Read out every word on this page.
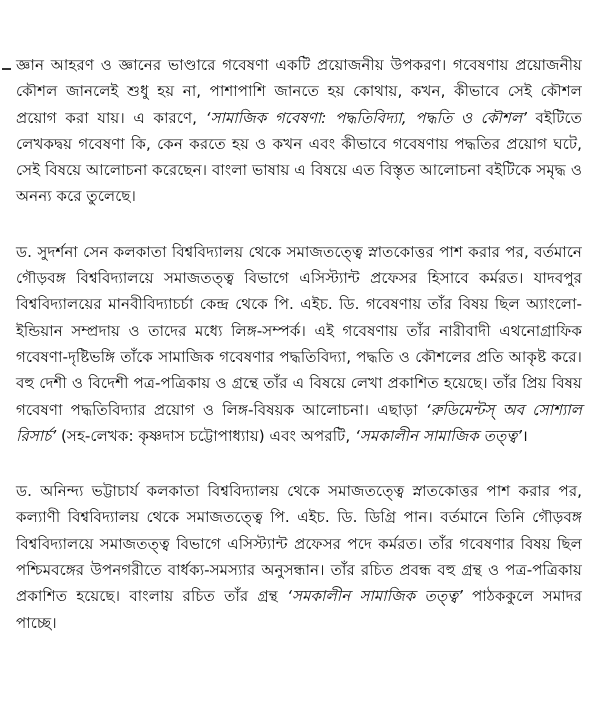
জ্ঞান আহরণ ও জ্ঞানের ভাণ্ডারে গবেষণা একটি প্রয়োজনীয় উপকরণ। গবেষণায় প্রয়োজনীয় কৌশল জানলেই শুধু হয় না, পাশাপাশি জানতে হয় কোথায়, কখন, কীভাবে সেই কৌশল প্রয়োগ করা যায়। এ কারণে, ‘সামাজিক গবেষণা: পদ্ধতিবিদ্যা, পদ্ধতি ও কৌশল’ বইটিতে লেখকদ্বয় গবেষণা কি, কেন করতে হয় ও কখন এবং কীভাবে গবেষণায় পদ্ধতির প্রয়োগ ঘটে, সেই বিষয়ে আলোচনা করেছেন। বাংলা ভাষায় এ বিষয়ে এত বিস্তৃত আলোচনা বইটিকে সমৃদ্ধ ও অনন্য করে তুলেছে।

ড. সুদর্শনা সেন কলকাতা বিশ্ববিদ্যালয় থেকে সমাজতত্ত্বে স্নাতকোত্তর পাশ করার পর, বর্তমানে গৌড়বঙ্গ বিশ্ববিদ্যালয়ে সমাজতত্ত্ব বিভাগে এসিস্ট্যান্ট প্রফেসর হিসাবে কর্মরত। যাদবপুর বিশ্ববিদ্যালয়ের মানবীবিদ্যাচর্চা কেন্দ্র থেকে পি. এইচ. ডি. গবেষণায় তাঁর বিষয় ছিল অ্যাংলো-ইন্ডিয়ান সম্প্রদায় ও তাদের মধ্যে লিঙ্গ-সম্পর্ক। এই গবেষণায় তাঁর নারীবাদী এথনোগ্রাফিক গবেষণা-দৃষ্টিভঙ্গি তাঁকে সামাজিক গবেষণার পদ্ধতিবিদ্যা, পদ্ধতি ও কৌশলের প্রতি আকৃষ্ট করে। বহু দেশী ও বিদেশী পত্র-পত্রিকায় ও গ্রন্থে তাঁর এ বিষয়ে লেখা প্রকাশিত হয়েছে। তাঁর প্রিয় বিষয় গবেষণা পদ্ধতিবিদ্যার প্রয়োগ ও লিঙ্গ-বিষয়ক আলোচনা। এছাড়া ‘রুডিমেন্টস্ অব সোশ্যাল রিসার্চ’ (সহ-লেখক: কৃষ্ণদাস চট্টোপাধ্যায়) এবং অপরটি, ‘সমকালীন সামাজিক তত্ত্ব’।

ড. অনিন্দ্য ভট্টাচার্য কলকাতা বিশ্ববিদ্যালয় থেকে সমাজতত্ত্বে স্নাতকোত্তর পাশ করার পর, কল্যাণী বিশ্ববিদ্যালয় থেকে সমাজতত্ত্বে পি. এইচ. ডি. ডিগ্রি পান। বর্তমানে তিনি গৌড়বঙ্গ বিশ্ববিদ্যালয়ে সমাজতত্ত্ব বিভাগে এসিস্ট্যান্ট প্রফেসর পদে কর্মরত। তাঁর গবেষণার বিষয় ছিল পশ্চিমবঙ্গের উপনগরীতে বার্ধক্য-সমস্যার অনুসন্ধান। তাঁর রচিত প্রবন্ধ বহু গ্রন্থ ও পত্র-পত্রিকায় প্রকাশিত হয়েছে। বাংলায় রচিত তাঁর গ্রন্থ ‘সমকালীন সামাজিক তত্ত্ব’ পাঠককুলে সমাদর পাচ্ছে।
